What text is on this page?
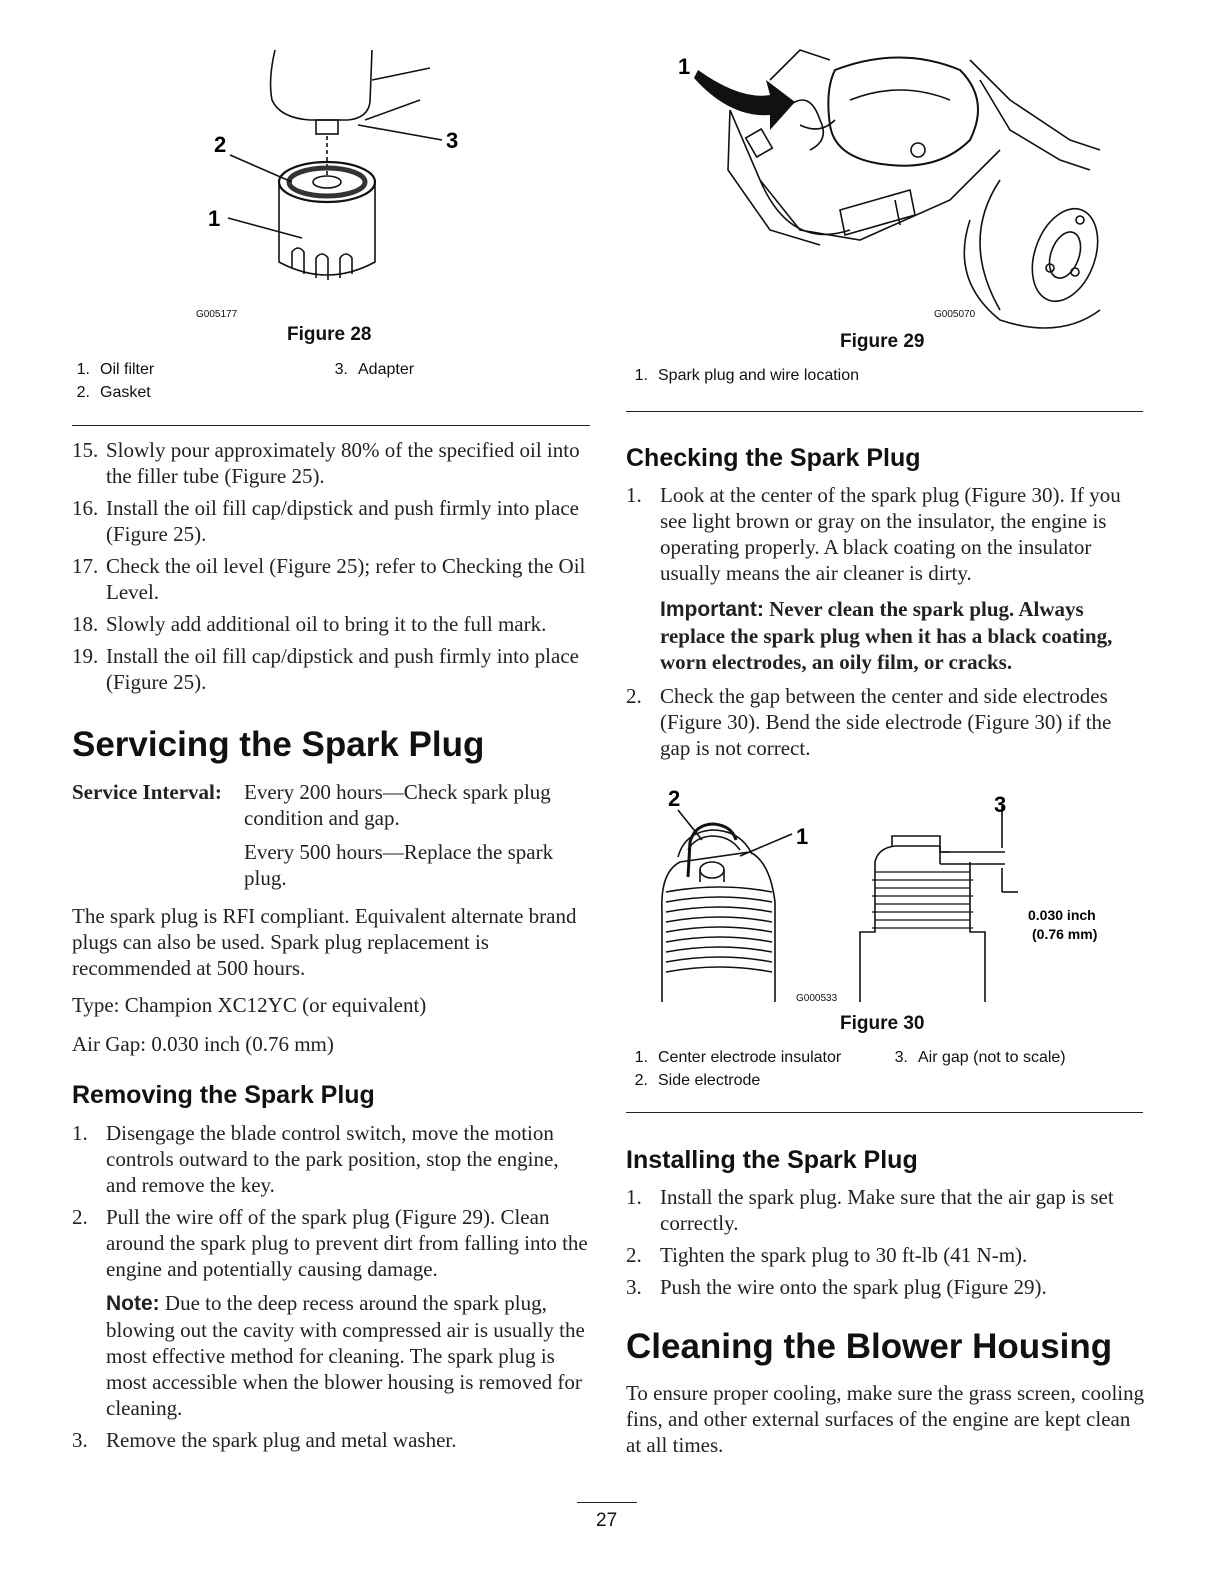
2	3
1
G005177
Figure 28
1. Oil filter
2. Gasket
3. Adapter
1
G005070
Figure 29
1. Spark plug and wire location
15. Slowly pour approximately 80% of the specified oil into the filler tube (Figure 25).
16. Install the oil fill cap/dipstick and push firmly into place (Figure 25).
17. Check the oil level (Figure 25); refer to Checking the Oil Level.
18. Slowly add additional oil to bring it to the full mark.
19. Install the oil fill cap/dipstick and push firmly into place (Figure 25).
Servicing the Spark Plug
Service Interval:	Every 200 hours—Check spark plug condition and gap.
Every 500 hours—Replace the spark plug.
The spark plug is RFI compliant. Equivalent alternate brand plugs can also be used. Spark plug replacement is recommended at 500 hours.
Type: Champion XC12YC (or equivalent)
Air Gap: 0.030 inch (0.76 mm)
Removing the Spark Plug
1. Disengage the blade control switch, move the motion controls outward to the park position, stop the engine, and remove the key.
2. Pull the wire off of the spark plug (Figure 29). Clean around the spark plug to prevent dirt from falling into the engine and potentially causing damage.
Note: Due to the deep recess around the spark plug, blowing out the cavity with compressed air is usually the most effective method for cleaning. The spark plug is most accessible when the blower housing is removed for cleaning.
3. Remove the spark plug and metal washer.
Checking the Spark Plug
1. Look at the center of the spark plug (Figure 30). If you see light brown or gray on the insulator, the engine is operating properly. A black coating on the insulator usually means the air cleaner is dirty.
Important: Never clean the spark plug. Always replace the spark plug when it has a black coating, worn electrodes, an oily film, or cracks.
2. Check the gap between the center and side electrodes (Figure 30). Bend the side electrode (Figure 30) if the gap is not correct.
2
1
3
0.030 inch
(0.76 mm)
G000533
Figure 30
1. Center electrode insulator
2. Side electrode
3. Air gap (not to scale)
Installing the Spark Plug
1. Install the spark plug. Make sure that the air gap is set correctly.
2. Tighten the spark plug to 30 ft-lb (41 N-m).
3. Push the wire onto the spark plug (Figure 29).
Cleaning the Blower Housing
To ensure proper cooling, make sure the grass screen, cooling fins, and other external surfaces of the engine are kept clean at all times.
27
